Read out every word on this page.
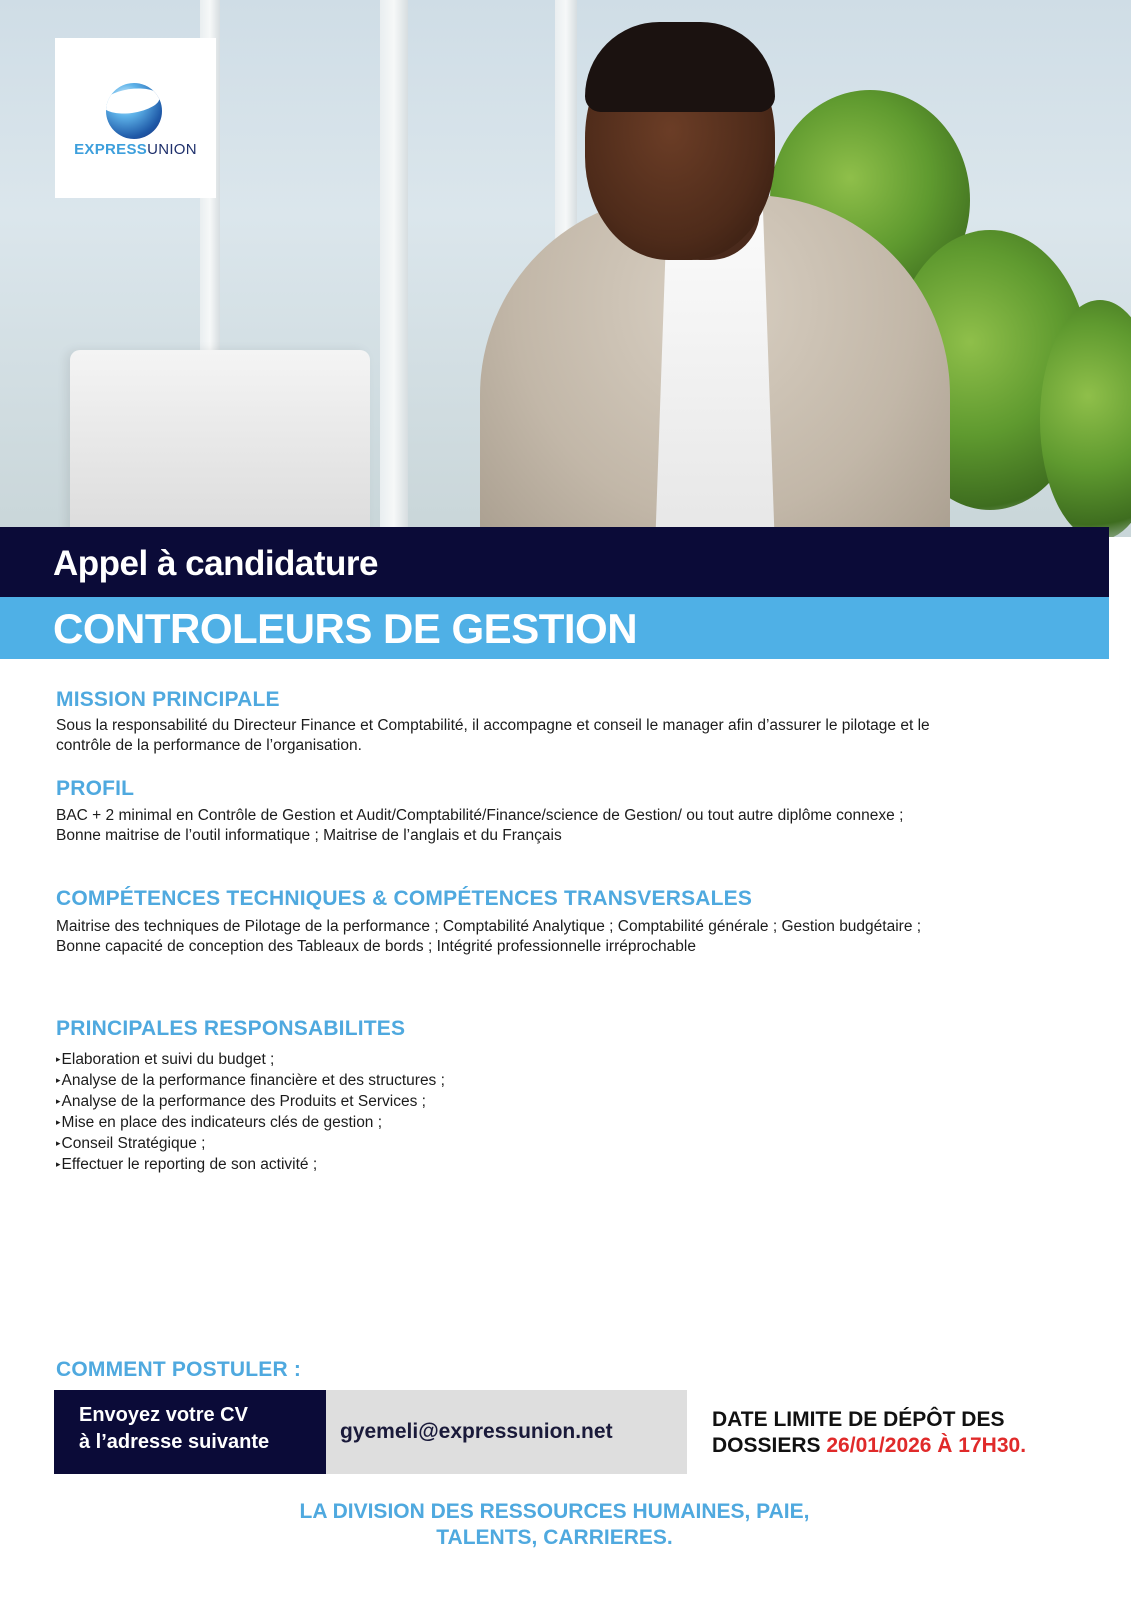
EXPRESSUNION
Appel à candidature
CONTROLEURS DE GESTION
MISSION PRINCIPALE

Sous la responsabilité du Directeur Finance et Comptabilité, il accompagne et conseil le manager afin d’assurer le pilotage et le

contrôle de la performance de l’organisation.

PROFIL

BAC + 2 minimal en Contrôle de Gestion et Audit/Comptabilité/Finance/science de Gestion/ ou tout autre diplôme connexe ;

Bonne maitrise de l’outil informatique ; Maitrise de l’anglais et du Français

COMPÉTENCES TECHNIQUES & COMPÉTENCES TRANSVERSALES

Maitrise des techniques de Pilotage de la performance ; Comptabilité Analytique ; Comptabilité générale ; Gestion budgétaire ;

Bonne capacité de conception des Tableaux de bords ; Intégrité professionnelle irréprochable

PRINCIPALES RESPONSABILITES
▸Elaboration et suivi du budget ;
▸Analyse de la performance financière et des structures ;
▸Analyse de la performance des Produits et Services ;
▸Mise en place des indicateurs clés de gestion ;
▸Conseil Stratégique ;
▸Effectuer le reporting de son activité ;
COMMENT POSTULER :
Envoyez votre CV
à l’adresse suivante	gyemeli@expressunion.net
DATE LIMITE DE DÉPÔT DES
DOSSIERS 26/01/2026 À 17H30.
LA DIVISION DES RESSOURCES HUMAINES, PAIE,
TALENTS, CARRIERES.
